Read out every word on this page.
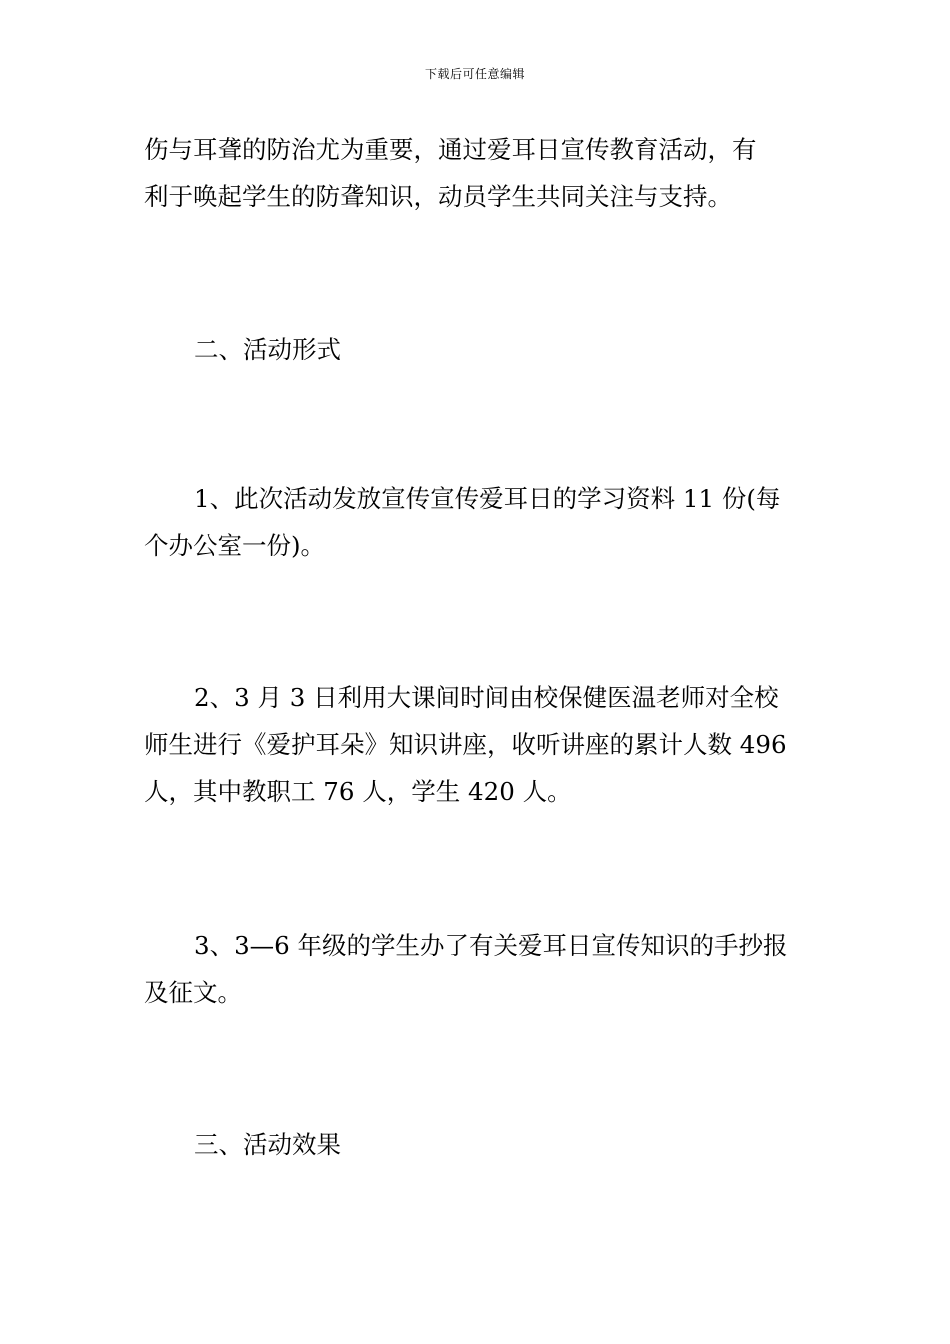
下载后可任意编辑

伤与耳聋的防治尤为重要，通过爱耳日宣传教育活动，有
利于唤起学生的防聋知识，动员学生共同关注与支持。

二、活动形式

1、此次活动发放宣传宣传爱耳日的学习资料 11 份(每
个办公室一份)。

2、3 月 3 日利用大课间时间由校保健医温老师对全校
师生进行《爱护耳朵》知识讲座，收听讲座的累计人数 496
人，其中教职工 76 人，学生 420 人。

3、3—6 年级的学生办了有关爱耳日宣传知识的手抄报
及征文。

三、活动效果
